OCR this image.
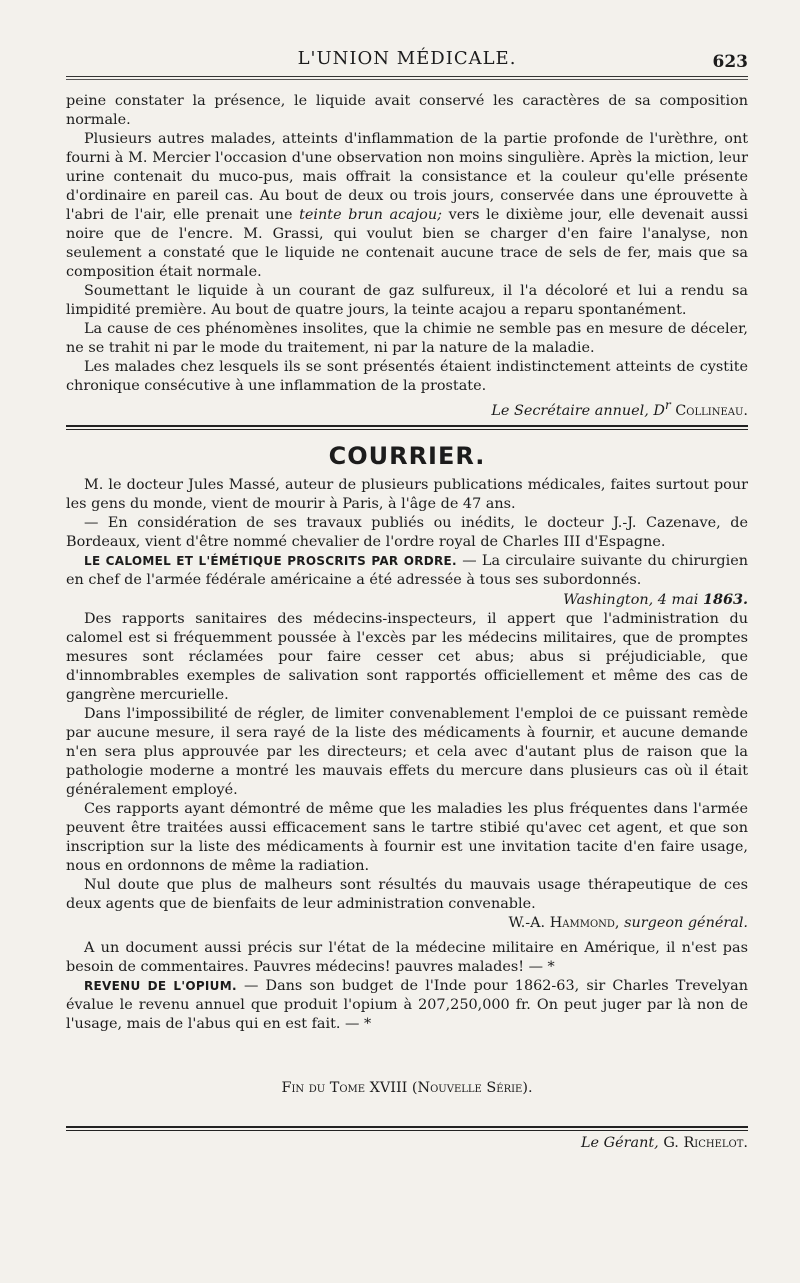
L'UNION MÉDICALE.	623

peine constater la présence, le liquide avait conservé les caractères de sa composition normale.

Plusieurs autres malades, atteints d'inflammation de la partie profonde de l'urèthre, ont fourni à M. Mercier l'occasion d'une observation non moins singulière. Après la miction, leur urine contenait du muco-pus, mais offrait la consistance et la couleur qu'elle présente d'ordinaire en pareil cas. Au bout de deux ou trois jours, conservée dans une éprouvette à l'abri de l'air, elle prenait une teinte brun acajou; vers le dixième jour, elle devenait aussi noire que de l'encre. M. Grassi, qui voulut bien se charger d'en faire l'analyse, non seulement a constaté que le liquide ne contenait aucune trace de sels de fer, mais que sa composition était normale.

Soumettant le liquide à un courant de gaz sulfureux, il l'a décoloré et lui a rendu sa limpidité première. Au bout de quatre jours, la teinte acajou a reparu spontanément.

La cause de ces phénomènes insolites, que la chimie ne semble pas en mesure de déceler, ne se trahit ni par le mode du traitement, ni par la nature de la maladie.

Les malades chez lesquels ils se sont présentés étaient indistinctement atteints de cystite chronique consécutive à une inflammation de la prostate.

Le Secrétaire annuel, $D^r$ Collineau.

COURRIER.

M. le docteur Jules Massé, auteur de plusieurs publications médicales, faites surtout pour les gens du monde, vient de mourir à Paris, à l'âge de 47 ans.

— En considération de ses travaux publiés ou inédits, le docteur J.-J. Cazenave, de Bordeaux, vient d'être nommé chevalier de l'ordre royal de Charles III d'Espagne.

LE CALOMEL ET L'ÉMÉTIQUE PROSCRITS PAR ORDRE. — La circulaire suivante du chirurgien en chef de l'armée fédérale américaine a été adressée à tous ses subordonnés.

Washington, 4 mai 1863.

Des rapports sanitaires des médecins-inspecteurs, il appert que l'administration du calomel est si fréquemment poussée à l'excès par les médecins militaires, que de promptes mesures sont réclamées pour faire cesser cet abus; abus si préjudiciable, que d'innombrables exemples de salivation sont rapportés officiellement et même des cas de gangrène mercurielle.

Dans l'impossibilité de régler, de limiter convenablement l'emploi de ce puissant remède par aucune mesure, il sera rayé de la liste des médicaments à fournir, et aucune demande n'en sera plus approuvée par les directeurs; et cela avec d'autant plus de raison que la pathologie moderne a montré les mauvais effets du mercure dans plusieurs cas où il était généralement employé.

Ces rapports ayant démontré de même que les maladies les plus fréquentes dans l'armée peuvent être traitées aussi efficacement sans le tartre stibié qu'avec cet agent, et que son inscription sur la liste des médicaments à fournir est une invitation tacite d'en faire usage, nous en ordonnons de même la radiation.

Nul doute que plus de malheurs sont résultés du mauvais usage thérapeutique de ces deux agents que de bienfaits de leur administration convenable.

W.-A. Hammond, surgeon général.

A un document aussi précis sur l'état de la médecine militaire en Amérique, il n'est pas besoin de commentaires. Pauvres médecins! pauvres malades! — *

REVENU DE L'OPIUM. — Dans son budget de l'Inde pour 1862-63, sir Charles Trevelyan évalue le revenu annuel que produit l'opium à 207,250,000 fr. On peut juger par là non de l'usage, mais de l'abus qui en est fait. — *

Fin du Tome XVIII (Nouvelle Série).
Le Gérant, G. Richelot.
